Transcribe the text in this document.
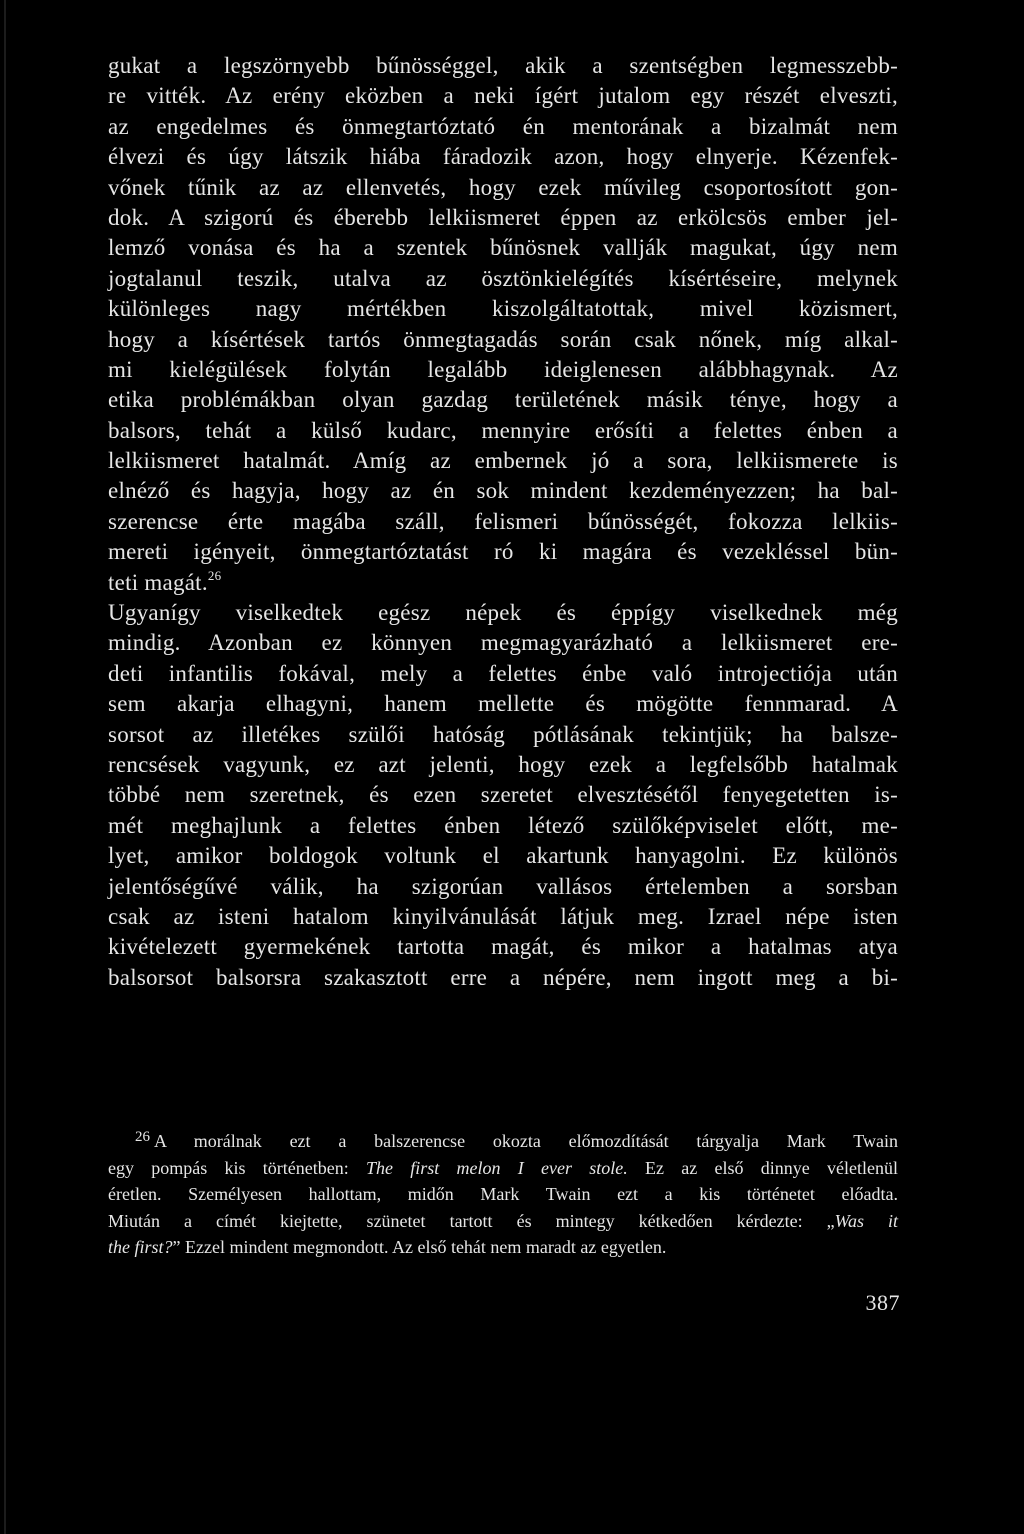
gukat a legszörnyebb bűnösséggel, akik a szentségben legmesszebb-
re vitték. Az erény eközben a neki ígért jutalom egy részét elveszti,
az engedelmes és önmegtartóztató én mentorának a bizalmát nem
élvezi és úgy látszik hiába fáradozik azon, hogy elnyerje. Kézenfek-
vőnek tűnik az az ellenvetés, hogy ezek művileg csoportosított gon-
dok. A szigorú és éberebb lelkiismeret éppen az erkölcsös ember jel-
lemző vonása és ha a szentek bűnösnek vallják magukat, úgy nem
jogtalanul teszik, utalva az ösztönkielégítés kísértéseire, melynek
különleges nagy mértékben kiszolgáltatottak, mivel közismert,
hogy a kísértések tartós önmegtagadás során csak nőnek, míg alkal-
mi kielégülések folytán legalább ideiglenesen alábbhagynak. Az
etika problémákban olyan gazdag területének másik ténye, hogy a
balsors, tehát a külső kudarc, mennyire erősíti a felettes énben a
lelkiismeret hatalmát. Amíg az embernek jó a sora, lelkiismerete is
elnéző és hagyja, hogy az én sok mindent kezdeményezzen; ha bal-
szerencse érte magába száll, felismeri bűnösségét, fokozza lelkiis-
mereti igényeit, önmegtartóztatást ró ki magára és vezekléssel bün-
teti magát.$^{26}$
Ugyanígy viselkedtek egész népek és éppígy viselkednek még
mindig. Azonban ez könnyen megmagyarázható a lelkiismeret ere-
deti infantilis fokával, mely a felettes énbe való introjectiója után
sem akarja elhagyni, hanem mellette és mögötte fennmarad. A
sorsot az illetékes szülői hatóság pótlásának tekintjük; ha balsze-
rencsések vagyunk, ez azt jelenti, hogy ezek a legfelsőbb hatalmak
többé nem szeretnek, és ezen szeretet elvesztésétől fenyegetetten is-
mét meghajlunk a felettes énben létező szülőképviselet előtt, me-
lyet, amikor boldogok voltunk el akartunk hanyagolni. Ez különös
jelentőségűvé válik, ha szigorúan vallásos értelemben a sorsban
csak az isteni hatalom kinyilvánulását látjuk meg. Izrael népe isten
kivételezett gyermekének tartotta magát, és mikor a hatalmas atya
balsorsot balsorsra szakasztott erre a népére, nem ingott meg a bi-
$^{26}$ A morálnak ezt a balszerencse okozta előmozdítását tárgyalja Mark Twain
egy pompás kis történetben: The first melon I ever stole. Ez az első dinnye véletlenül
éretlen. Személyesen hallottam, midőn Mark Twain ezt a kis történetet előadta.
Miután a címét kiejtette, szünetet tartott és mintegy kétkedően kérdezte: „Was it
the first?” Ezzel mindent megmondott. Az első tehát nem maradt az egyetlen.
387
